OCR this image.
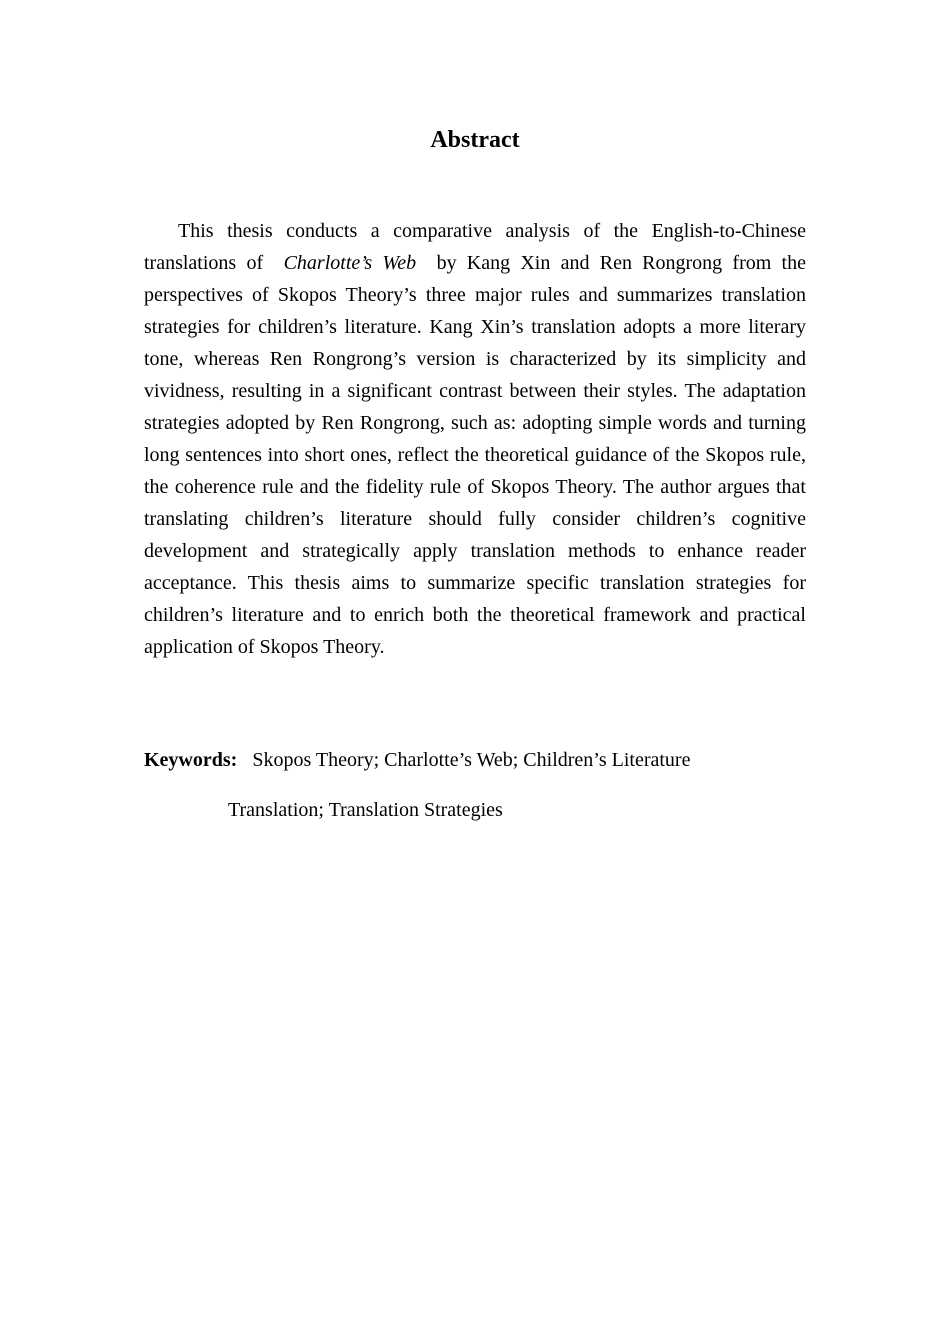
Abstract

This thesis conducts a comparative analysis of the English-to-Chinese translations of Charlotte’s Web by Kang Xin and Ren Rongrong from the perspectives of Skopos Theory’s three major rules and summarizes translation strategies for children’s literature. Kang Xin’s translation adopts a more literary tone, whereas Ren Rongrong’s version is characterized by its simplicity and vividness, resulting in a significant contrast between their styles. The adaptation strategies adopted by Ren Rongrong, such as: adopting simple words and turning long sentences into short ones, reflect the theoretical guidance of the Skopos rule, the coherence rule and the fidelity rule of Skopos Theory. The author argues that translating children’s literature should fully consider children’s cognitive development and strategically apply translation methods to enhance reader acceptance. This thesis aims to summarize specific translation strategies for children’s literature and to enrich both the theoretical framework and practical application of Skopos Theory.

Keywords: Skopos Theory; Charlotte’s Web; Children’s Literature
Translation; Translation Strategies
